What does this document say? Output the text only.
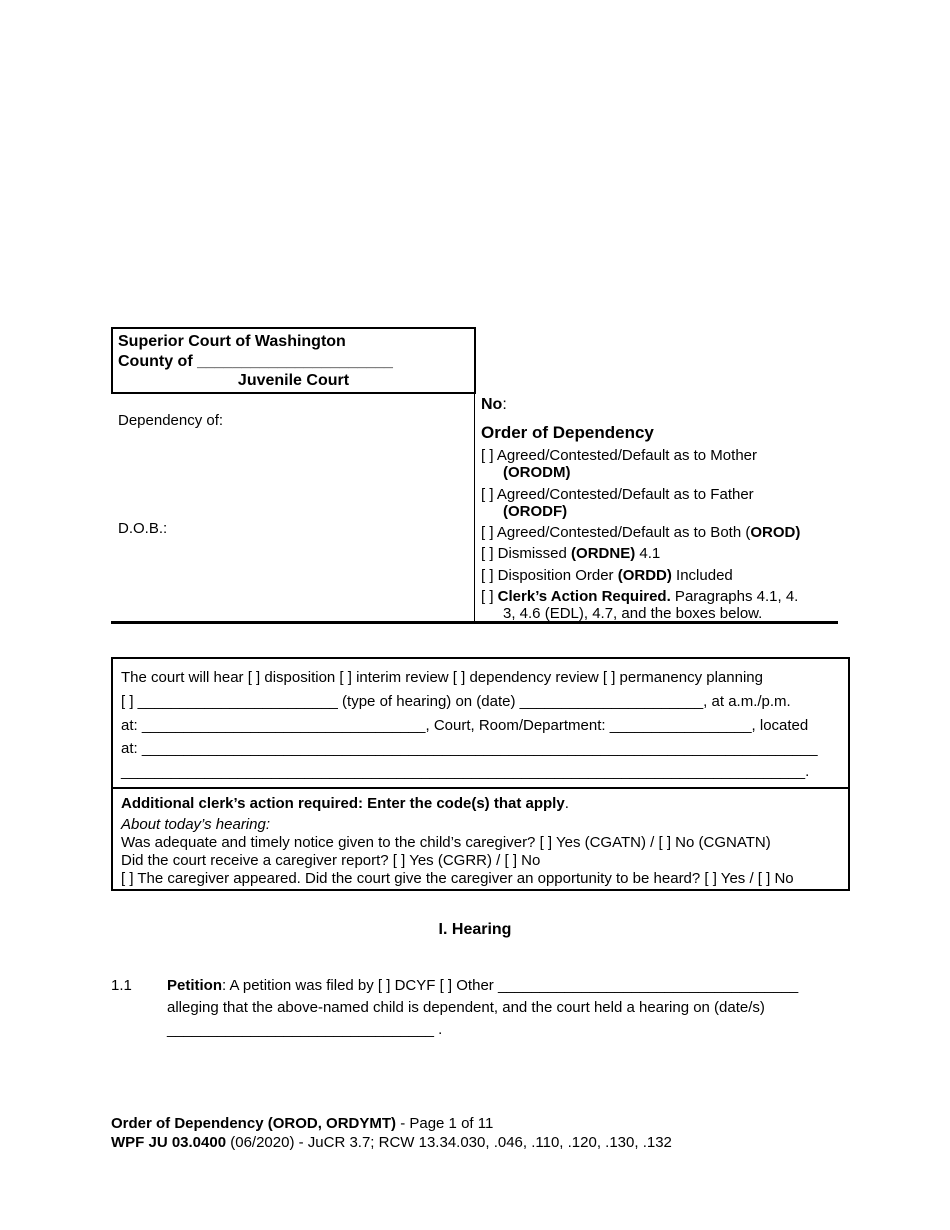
Superior Court of Washington
County of ______________________
Juvenile Court
Dependency of:
D.O.B.:
No:
Order of Dependency
[ ] Agreed/Contested/Default as to Mother
(ORODM)
[ ] Agreed/Contested/Default as to Father
(ORODF)
[ ] Agreed/Contested/Default as to Both (OROD)
[ ] Dismissed (ORDNE) 4.1
[ ] Disposition Order (ORDD) Included
[ ] Clerk’s Action Required. Paragraphs 4.1, 4.
3, 4.6 (EDL), 4.7, and the boxes below.
The court will hear [ ] disposition [ ] interim review [ ] dependency review [ ] permanency planning
[ ] ________________________ (type of hearing) on (date) ______________________, at a.m./p.m.
at: __________________________________, Court, Room/Department: _________________, located
at: _________________________________________________________________________________
__________________________________________________________________________________.
Additional clerk’s action required: Enter the code(s) that apply.
About today’s hearing:
Was adequate and timely notice given to the child’s caregiver? [ ] Yes (CGATN) / [ ] No (CGNATN)
Did the court receive a caregiver report? [ ] Yes (CGRR) / [ ] No
[ ] The caregiver appeared. Did the court give the caregiver an opportunity to be heard? [ ] Yes / [ ] No
I. Hearing
1.1 Petition: A petition was filed by [ ] DCYF [ ] Other ____________________________________
alleging that the above-named child is dependent, and the court held a hearing on (date/s)
________________________________ .
Order of Dependency (OROD, ORDYMT) - Page 1 of 11
WPF JU 03.0400 (06/2020) - JuCR 3.7; RCW 13.34.030, .046, .110, .120, .130, .132
